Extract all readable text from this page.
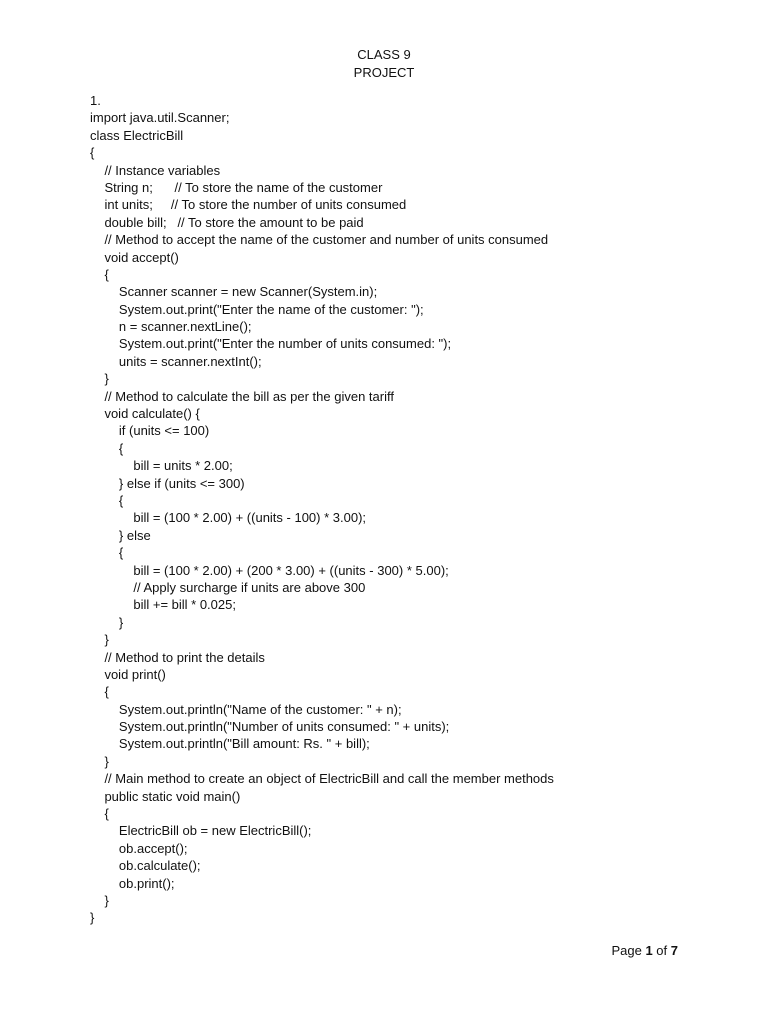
CLASS 9
PROJECT
1.
import java.util.Scanner;
class ElectricBill
{
// Instance variables
String n;      // To store the name of the customer
int units;     // To store the number of units consumed
double bill;   // To store the amount to be paid
// Method to accept the name of the customer and number of units consumed
void accept()
{
Scanner scanner = new Scanner(System.in);
System.out.print("Enter the name of the customer: ");
n = scanner.nextLine();
System.out.print("Enter the number of units consumed: ");
units = scanner.nextInt();
}
// Method to calculate the bill as per the given tariff
void calculate() {
if (units <= 100)
{
bill = units * 2.00;
} else if (units <= 300)
{
bill = (100 * 2.00) + ((units - 100) * 3.00);
} else
{
bill = (100 * 2.00) + (200 * 3.00) + ((units - 300) * 5.00);
// Apply surcharge if units are above 300
bill += bill * 0.025;
}
}
// Method to print the details
void print()
{
System.out.println("Name of the customer: " + n);
System.out.println("Number of units consumed: " + units);
System.out.println("Bill amount: Rs. " + bill);
}
// Main method to create an object of ElectricBill and call the member methods
public static void main()
{
ElectricBill ob = new ElectricBill();
ob.accept();
ob.calculate();
ob.print();
}
}
Page 1 of 7
